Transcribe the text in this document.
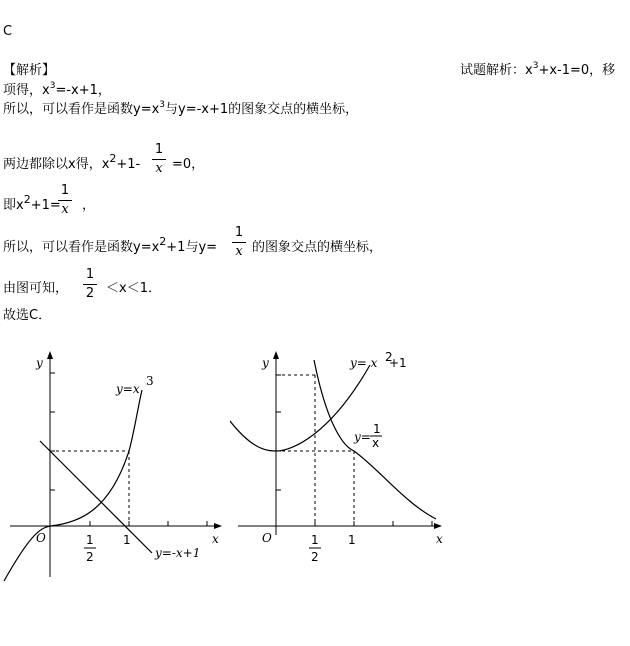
C
【解析】	试题解析：$x^3+x-1=0$，移
项得，$x^3=-x+1$，
所以，可以看作是函数$y=x^3$与y=-x+1的图象交点的横坐标，
两边都除以x得，$x^2+1-$
1
x =0，
即$x^2+1=$
1
x ，
所以，可以看作是函数$y=x^2+1$与y=
1
x 的图象交点的横坐标，
由图可知，
1
2 ＜x＜1．
故选C．
y
x
O
y=x
3
y=-x+1
1
2
1
y
x
O
y= x 2
+1
y=
1
x
1
2
1
